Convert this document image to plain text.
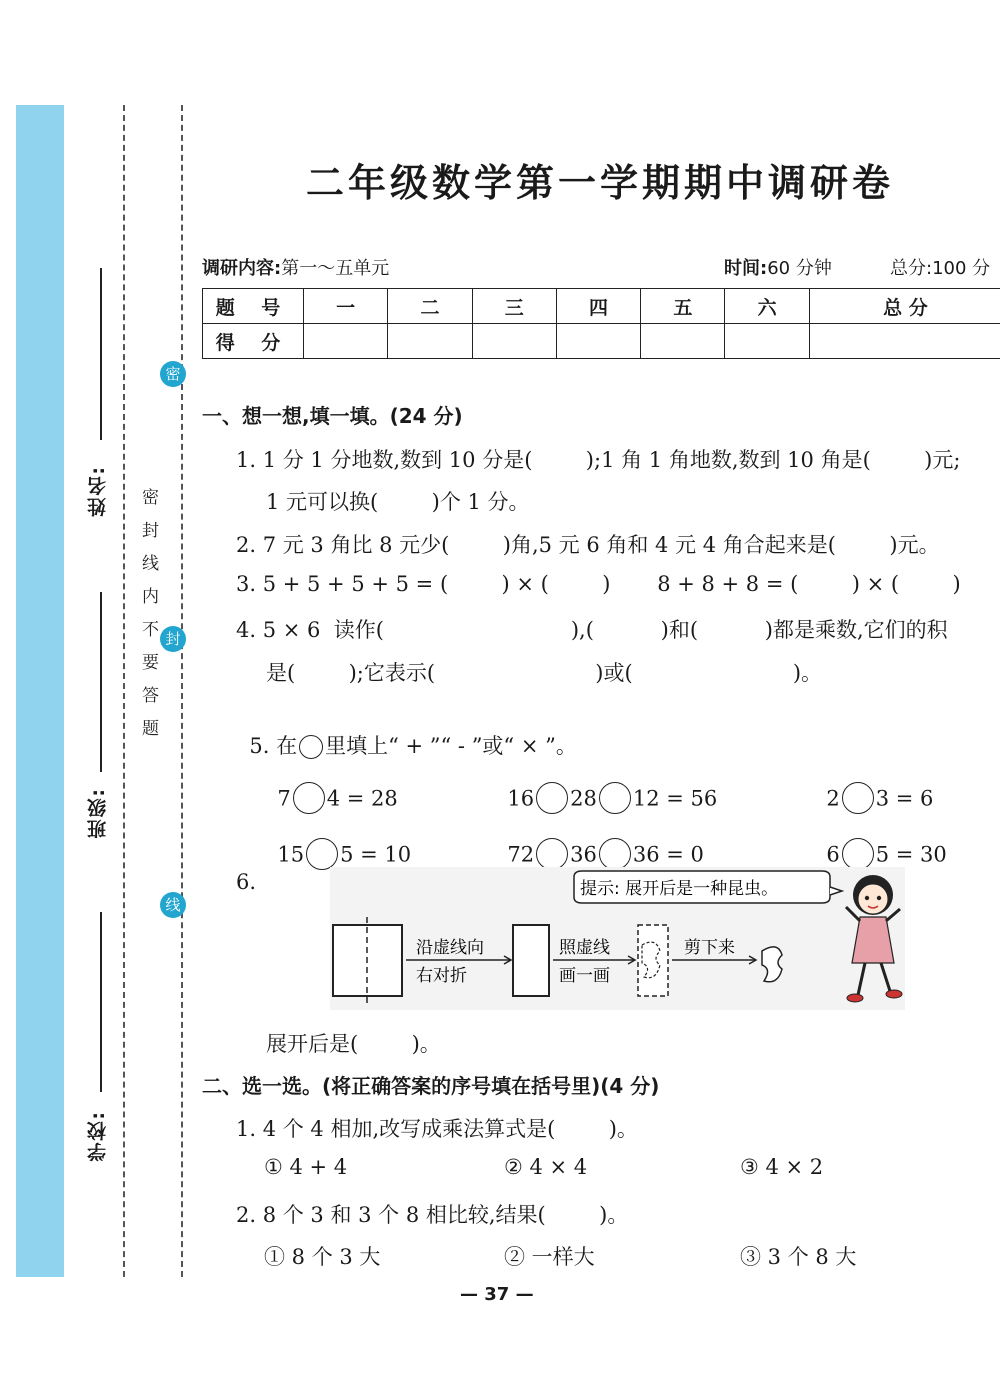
姓名:
班级:
学校:
密封线内不要答题
密
封
线
二年级数学第一学期期中调研卷
调研内容:第一～五单元	时间:60 分钟	总分:100 分
题 号	一	二	三	四	五	六	总 分
得 分							
一、想一想,填一填。(24 分)
1. 1 分 1 分地数,数到 10 分是(        );1 角 1 角地数,数到 10 角是(        )元;
1 元可以换(        )个 1 分。
2. 7 元 3 角比 8 元少(        )角,5 元 6 角和 4 元 4 角合起来是(        )元。
3. 5 + 5 + 5 + 5 = (        ) × (        )       8 + 8 + 8 = (        ) × (        )
4. 5 × 6  读作(                            ),(          )和(          )都是乘数,它们的积
是(        );它表示(                        )或(                        )。

5. 在 里填上“ + ”“ - ”或“ × ”。

7 4 = 28	16 28 12 = 56	2 3 = 6

15 5 = 10	72 36 36 = 0	6 5 = 30

6.	提示: 展开后是一种昆虫。
沿虚线向
右对折
照虚线
画一画
剪下来
展开后是(        )。
二、选一选。(将正确答案的序号填在括号里)(4 分)
1. 4 个 4 相加,改写成乘法算式是(        )。
① 4 + 4	② 4 × 4	③ 4 × 2
2. 8 个 3 和 3 个 8 相比较,结果(        )。
① 8 个 3 大	② 一样大	③ 3 个 8 大
— 37 —
